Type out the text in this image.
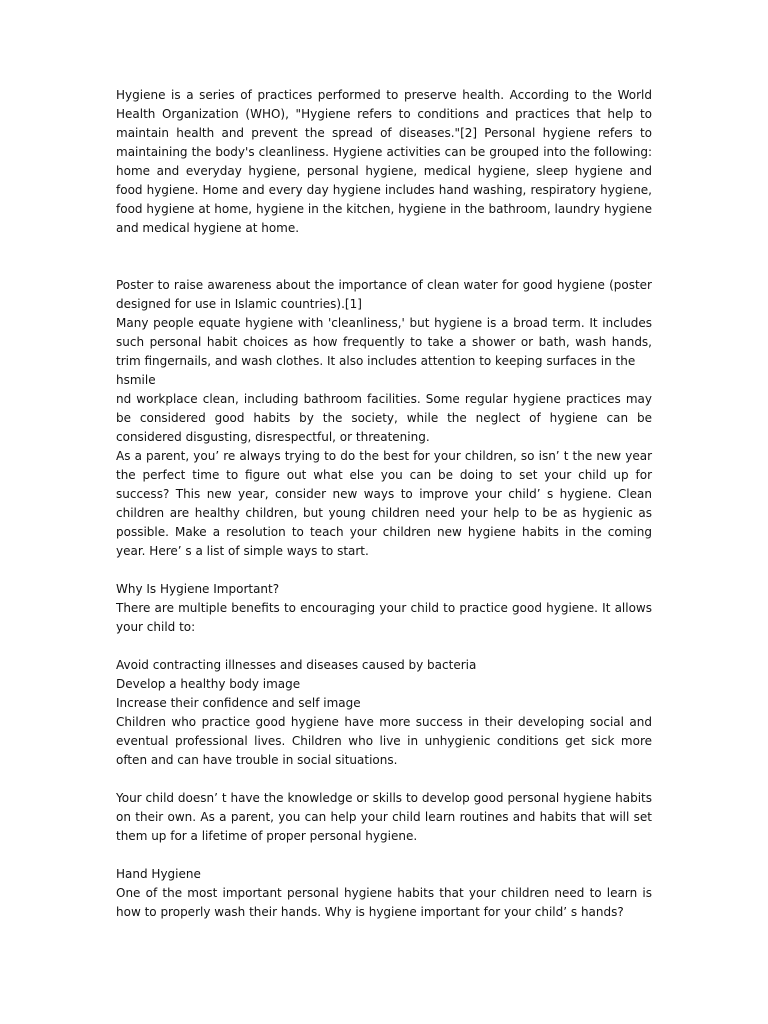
Hygiene is a series of practices performed to preserve health. According to the World Health Organization (WHO), "Hygiene refers to conditions and practices that help to maintain health and prevent the spread of diseases."[2] Personal hygiene refers to maintaining the body's cleanliness. Hygiene activities can be grouped into the following: home and everyday hygiene, personal hygiene, medical hygiene, sleep hygiene and food hygiene. Home and every day hygiene includes hand washing, respiratory hygiene, food hygiene at home, hygiene in the kitchen, hygiene in the bathroom, laundry hygiene and medical hygiene at home.

Poster to raise awareness about the importance of clean water for good hygiene (poster designed for use in Islamic countries).[1]

Many people equate hygiene with 'cleanliness,' but hygiene is a broad term. It includes such personal habit choices as how frequently to take a shower or bath, wash hands, trim fingernails, and wash clothes. It also includes attention to keeping surfaces in the

hsmile

nd workplace clean, including bathroom facilities. Some regular hygiene practices may be considered good habits by the society, while the neglect of hygiene can be considered disgusting, disrespectful, or threatening.

As a parent, you’ re always trying to do the best for your children, so isn’ t the new year the perfect time to figure out what else you can be doing to set your child up for success? This new year, consider new ways to improve your child’ s hygiene. Clean children are healthy children, but young children need your help to be as hygienic as possible. Make a resolution to teach your children new hygiene habits in the coming year. Here’ s a list of simple ways to start.

Why Is Hygiene Important?

There are multiple benefits to encouraging your child to practice good hygiene. It allows your child to:

Avoid contracting illnesses and diseases caused by bacteria
Develop a healthy body image
Increase their confidence and self image

Children who practice good hygiene have more success in their developing social and eventual professional lives. Children who live in unhygienic conditions get sick more often and can have trouble in social situations.

Your child doesn’ t have the knowledge or skills to develop good personal hygiene habits on their own. As a parent, you can help your child learn routines and habits that will set them up for a lifetime of proper personal hygiene.

Hand Hygiene

One of the most important personal hygiene habits that your children need to learn is how to properly wash their hands. Why is hygiene important for your child’ s hands?
